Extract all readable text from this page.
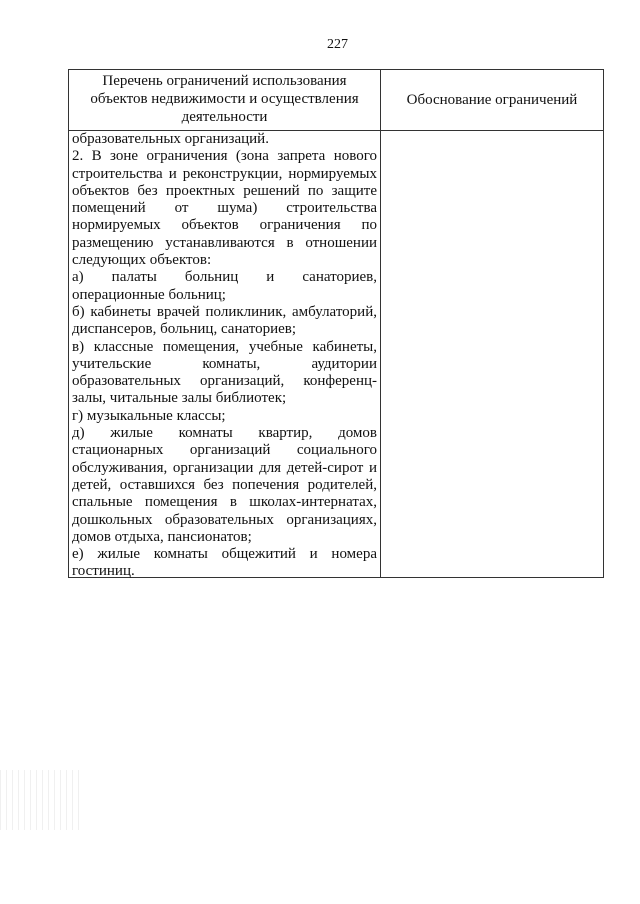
227
Перечень ограничений использования
объектов недвижимости и осуществления
деятельности
Обоснование ограничений
образовательных организаций.
2. В зоне ограничения (зона запрета нового
строительства и реконструкции, нормируемых
объектов без проектных решений по защите
помещений от шума) строительства
нормируемых объектов ограничения по
размещению устанавливаются в отношении
следующих объектов:
а) палаты больниц и санаториев,
операционные больниц;
б) кабинеты врачей поликлиник, амбулаторий,
диспансеров, больниц, санаториев;
в) классные помещения, учебные кабинеты,
учительские комнаты, аудитории
образовательных организаций, конференц-
залы, читальные залы библиотек;
г) музыкальные классы;
д) жилые комнаты квартир, домов
стационарных организаций социального
обслуживания, организации для детей-сирот и
детей, оставшихся без попечения родителей,
спальные помещения в школах-интернатах,
дошкольных образовательных организациях,
домов отдыха, пансионатов;
е) жилые комнаты общежитий и номера
гостиниц.
